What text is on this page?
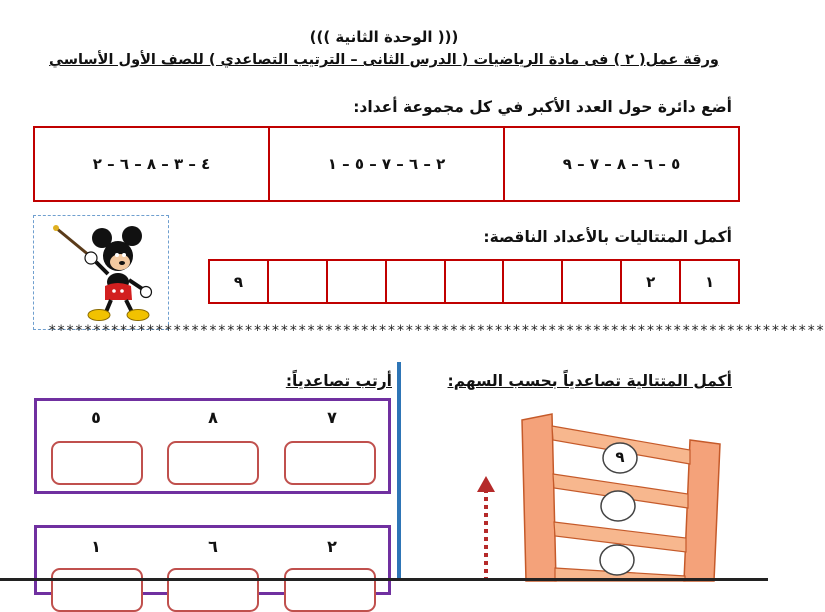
((( الوحدة الثانية )))
ورقة عمل( ٢ ) فى مادة الرياضيات ( الدرس الثانى – الترتيب التصاعدي ) للصف الأول الأساسي
أضع دائرة حول العدد الأكبر في كل مجموعة أعداد:
٥ – ٦ – ٨ – ٧ – ٩
٢ – ٦ – ٧ – ٥ – ١
٤ – ٣ – ٨ – ٦ – ٢
أكمل المتتاليات بالأعداد الناقصة:
١
٢
٩
***************************************************************************************
أكمل المتتالية تصاعدياً بحسب السهم:
٩
أرتب تصاعدياً:
٧
٨
٥
٢
٦
١
